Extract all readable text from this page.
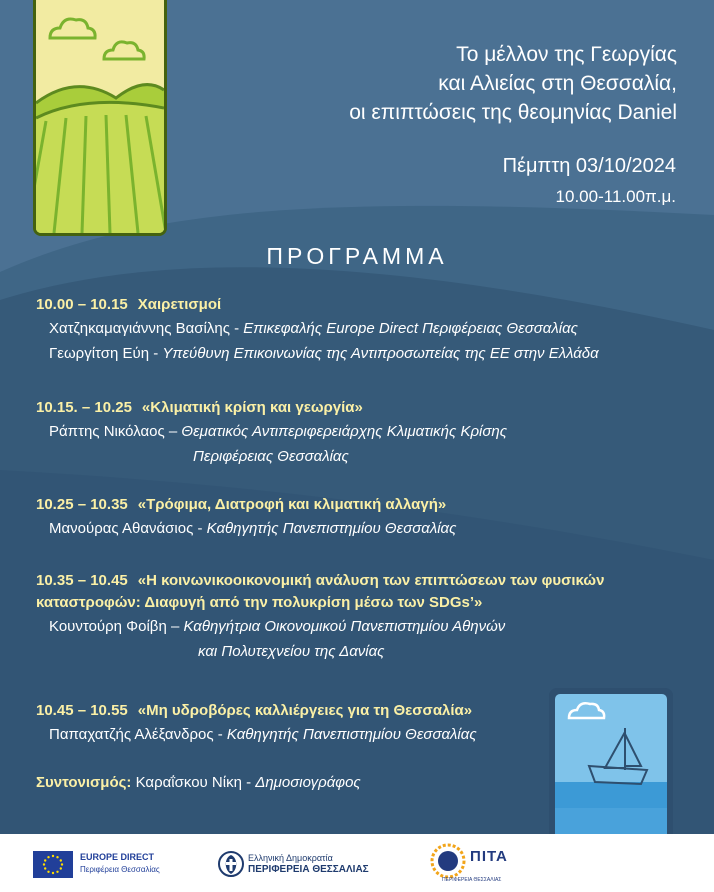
Το μέλλον της Γεωργίας
και Αλιείας στη Θεσσαλία,
οι επιπτώσεις της θεομηνίας Daniel
Πέμπτη 03/10/2024
10.00-11.00π.μ.
ΠΡΟΓΡΑΜΜΑ
10.00 – 10.15 Χαιρετισμοί
Χατζηκαμαγιάννης Βασίλης - Επικεφαλής Europe Direct Περιφέρειας Θεσσαλίας
Γεωργίτση Εύη - Υπεύθυνη Επικοινωνίας της Αντιπροσωπείας της ΕΕ στην Ελλάδα
10.15. – 10.25 «Κλιματική κρίση και γεωργία»
Ράπτης Νικόλαος – Θεματικός Αντιπεριφερειάρχης Κλιματικής Κρίσης
Περιφέρειας Θεσσαλίας
10.25 – 10.35 «Τρόφιμα, Διατροφή και κλιματική αλλαγή»
Μανούρας Αθανάσιος - Καθηγητής Πανεπιστημίου Θεσσαλίας
10.35 – 10.45 «Η κοινωνικοοικονομική ανάλυση των επιπτώσεων των φυσικών
καταστροφών: Διαφυγή από την πολυκρίση μέσω των SDGs’»
Κουντούρη Φοίβη – Καθηγήτρια Οικονομικού Πανεπιστημίου Αθηνών
και Πολυτεχνείου της Δανίας
10.45 – 10.55 «Μη υδροβόρες καλλιέργειες για τη Θεσσαλία»
Παπαχατζής Αλέξανδρος - Καθηγητής Πανεπιστημίου Θεσσαλίας
Συντονισμός: Καραΐσκου Νίκη - Δημοσιογράφος
EUROPE DIRECT
Περιφέρεια Θεσσαλίας
Ελληνική Δημοκρατία
ΠΕΡΙΦΕΡΕΙΑ ΘΕΣΣΑΛΙΑΣ
ΠΙΤΑ
ΠΕΡΙΦΕΡΕΙΑ ΘΕΣΣΑΛΙΑΣ
